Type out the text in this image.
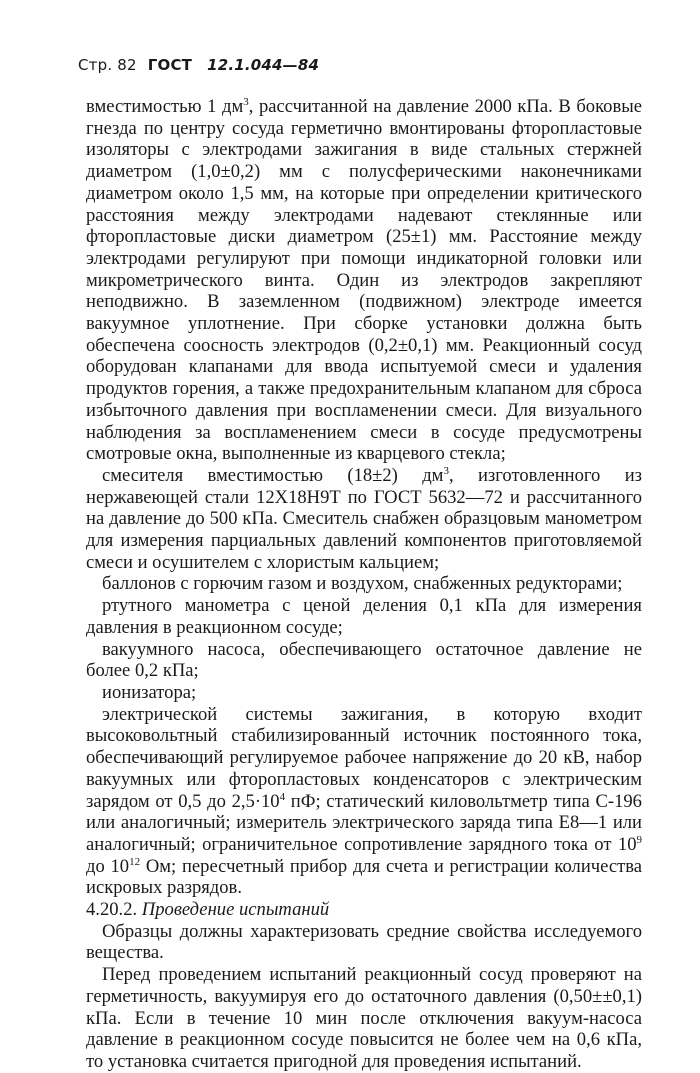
Стр. 82 ГОСТ 12.1.044—84

вместимостью 1 $дм^3$, рассчитанной на давление 2000 кПа. В боковые гнезда по центру сосуда герметично вмонтированы фторопластовые изоляторы с электродами зажигания в виде стальных стержней диаметром (1,0±0,2) мм с полусферическими наконечниками диаметром около 1,5 мм, на которые при определении критического расстояния между электродами надевают стеклянные или фторопластовые диски диаметром (25±1) мм. Расстояние между электродами регулируют при помощи индикаторной головки или микрометрического винта. Один из электродов закрепляют неподвижно. В заземленном (подвижном) электроде имеется вакуумное уплотнение. При сборке установки должна быть обеспечена соосность электродов (0,2±0,1) мм. Реакционный сосуд оборудован клапанами для ввода испытуемой смеси и удаления продуктов горения, а также предохранительным клапаном для сброса избыточного давления при воспламенении смеси. Для визуального наблюдения за воспламенением смеси в сосуде предусмотрены смотровые окна, выполненные из кварцевого стекла;

смесителя вместимостью (18±2) $дм^3$, изготовленного из нержавеющей стали 12Х18Н9Т по ГОСТ 5632—72 и рассчитанного на давление до 500 кПа. Смеситель снабжен образцовым манометром для измерения парциальных давлений компонентов приготовляемой смеси и осушителем с хлористым кальцием;

баллонов с горючим газом и воздухом, снабженных редукторами;

ртутного манометра с ценой деления 0,1 кПа для измерения давления в реакционном сосуде;

вакуумного насоса, обеспечивающего остаточное давление не более 0,2 кПа;

ионизатора;

электрической системы зажигания, в которую входит высоковольтный стабилизированный источник постоянного тока, обеспечивающий регулируемое рабочее напряжение до 20 кВ, набор вакуумных или фторопластовых конденсаторов с электрическим зарядом от 0,5 до $2,5\cdot 10^4$ пФ; статический киловольтметр типа С-196 или аналогичный; измеритель электрического заряда типа Е8—1 или аналогичный; ограничительное сопротивление зарядного тока от $10^9$ до $10^{12}$ Ом; пересчетный прибор для счета и регистрации количества искровых разрядов.

4.20.2. Проведение испытаний

Образцы должны характеризовать средние свойства исследуемого вещества.

Перед проведением испытаний реакционный сосуд проверяют на герметичность, вакуумируя его до остаточного давления (0,50±±0,1) кПа. Если в течение 10 мин после отключения вакуум-насоса давление в реакционном сосуде повысится не более чем на 0,6 кПа, то установка считается пригодной для проведения испытаний.
